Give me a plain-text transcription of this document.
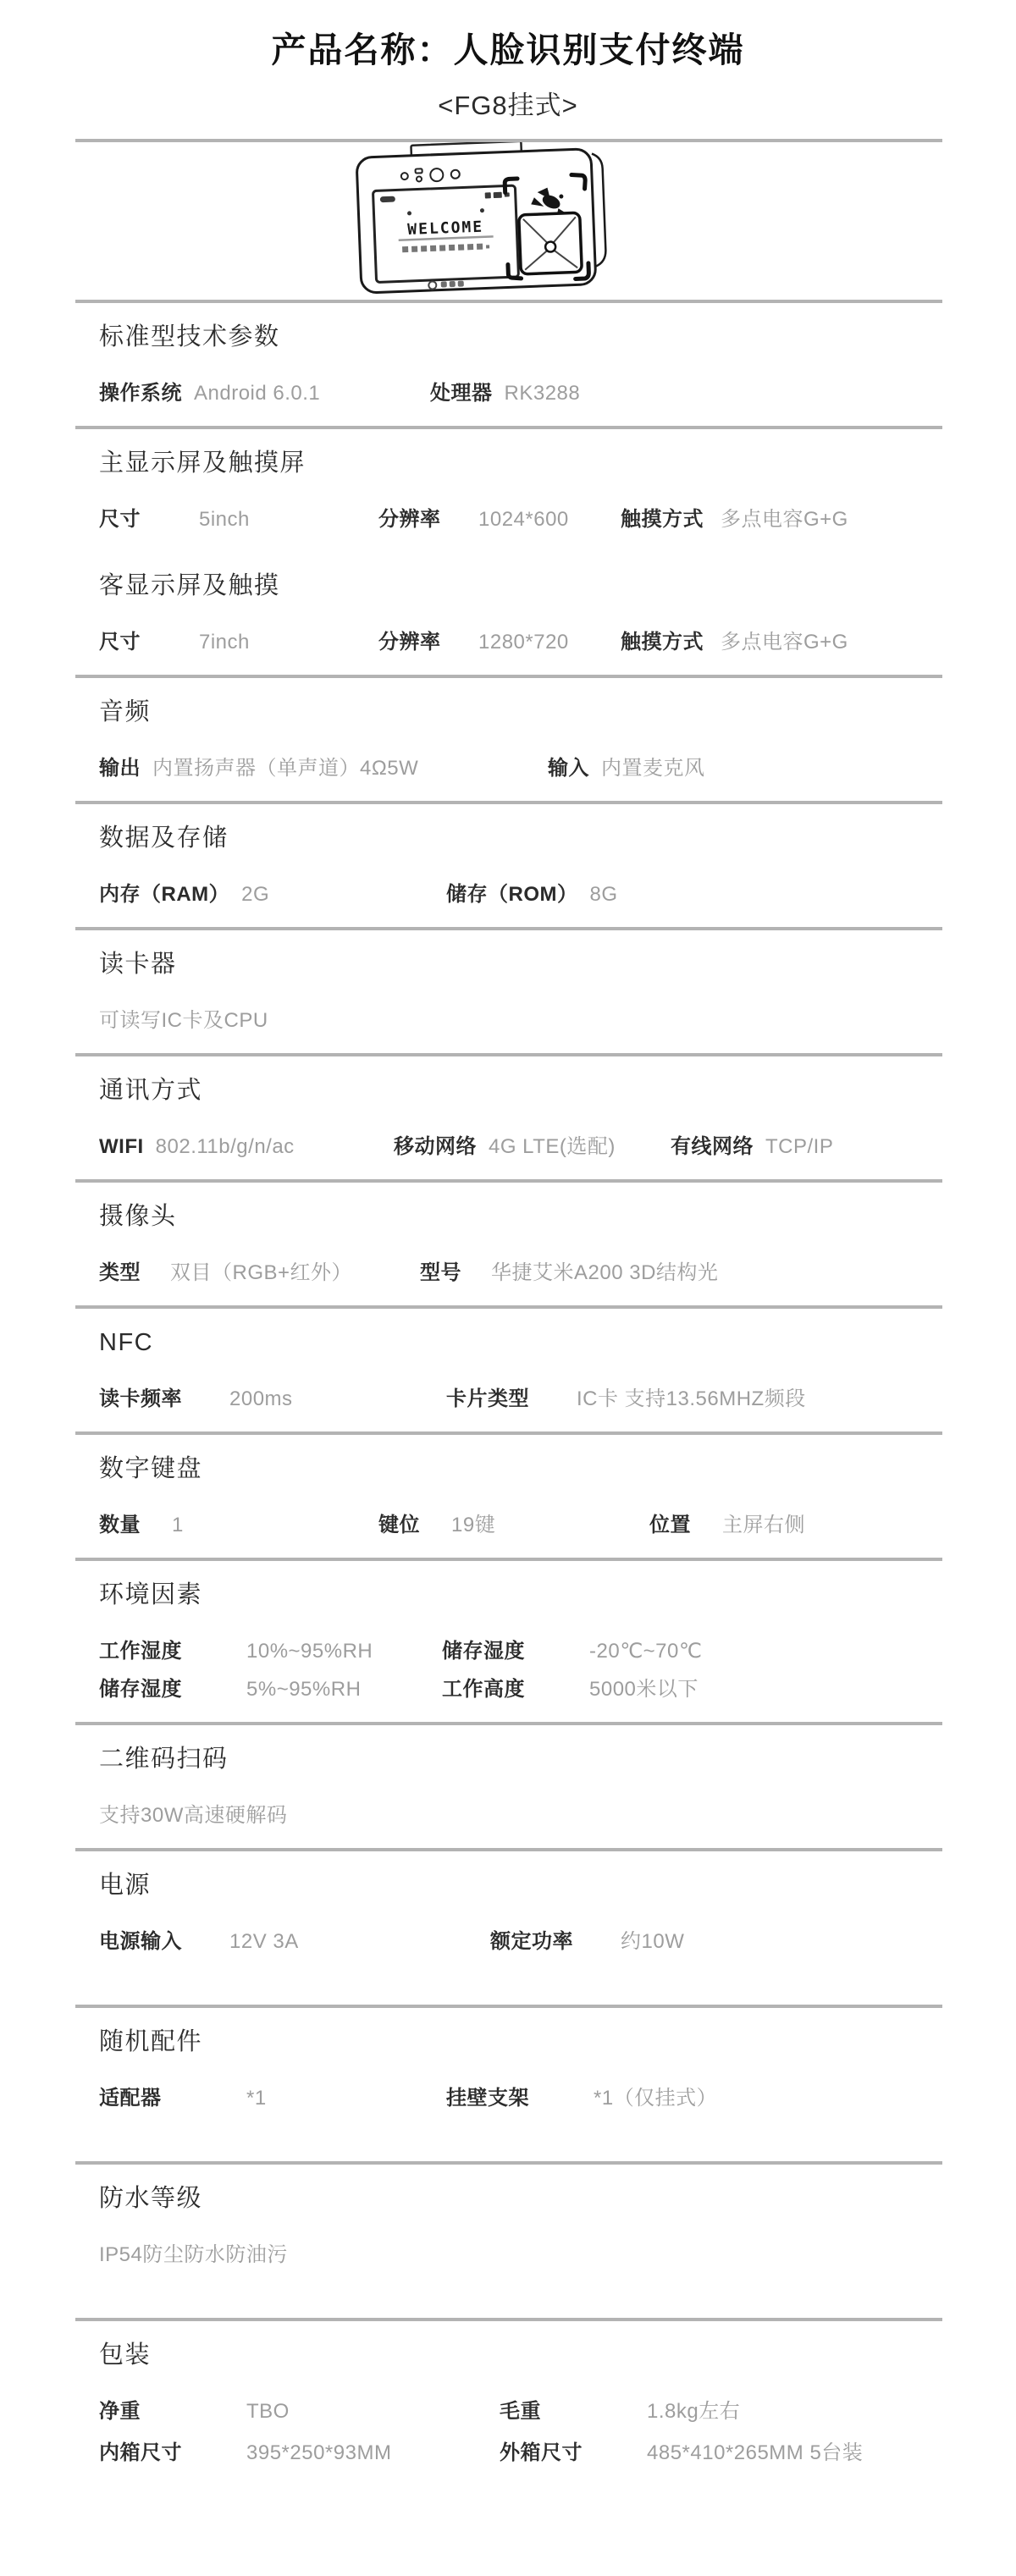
产品名称：人脸识别支付终端
<FG8挂式>
WELCOME
标准型技术参数
操作系统 Android 6.0.1	处理器 RK3288
主显示屏及触摸屏
尺寸	5inch	分辨率	1024*600	触摸方式 多点电容G+G
客显示屏及触摸
尺寸	7inch	分辨率	1280*720	触摸方式 多点电容G+G
音频
输出 内置扬声器（单声道）4Ω5W	输入 内置麦克风
数据及存储
内存（RAM） 2G	储存（ROM） 8G
读卡器
可读写IC卡及CPU
通讯方式
WIFI 802.11b/g/n/ac	移动网络 4G LTE(选配)	有线网络 TCP/IP
摄像头
类型	双目（RGB+红外）	型号	华捷艾米A200 3D结构光
NFC
读卡频率	200ms	卡片类型	IC卡 支持13.56MHZ频段
数字键盘
数量	1	键位	19键	位置	主屏右侧
环境因素
工作湿度	10%~95%RH	储存湿度	-20℃~70℃
储存湿度	5%~95%RH	工作高度	5000米以下
二维码扫码
支持30W高速硬解码
电源
电源输入	12V 3A	额定功率	约10W
随机配件
适配器	*1	挂壁支架	*1（仅挂式）
防水等级
IP54防尘防水防油污
包装
净重	TBO	毛重	1.8kg左右
内箱尺寸	395*250*93MM	外箱尺寸	485*410*265MM 5台装
